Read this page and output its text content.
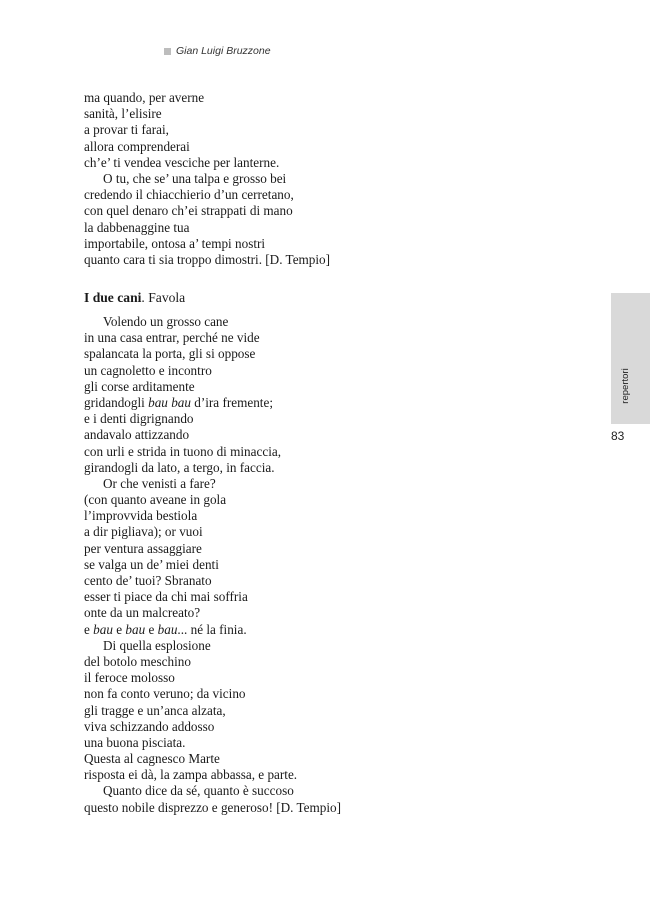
Gian Luigi Bruzzone
ma quando, per averne
sanità, l’elisire
a provar ti farai,
allora comprenderai
ch’e’ ti vendea vesciche per lanterne.
O tu, che se’ una talpa e grosso bei
credendo il chiacchierio d’un cerretano,
con quel denaro ch’ei strappati di mano
la dabbenaggine tua
importabile, ontosa a’ tempi nostri
quanto cara ti sia troppo dimostri. [D. Tempio]
I due cani. Favola
Volendo un grosso cane
in una casa entrar, perché ne vide
spalancata la porta, gli si oppose
un cagnoletto e incontro
gli corse arditamente
gridandogli bau bau d’ira fremente;
e i denti digrignando
andavalo attizzando
con urli e strida in tuono di minaccia,
girandogli da lato, a tergo, in faccia.
Or che venisti a fare?
(con quanto aveane in gola
l’improvvida bestiola
a dir pigliava); or vuoi
per ventura assaggiare
se valga un de’ miei denti
cento de’ tuoi? Sbranato
esser ti piace da chi mai soffria
onte da un malcreato?
e bau e bau e bau... né la finia.
Di quella esplosione
del botolo meschino
il feroce molosso
non fa conto veruno; da vicino
gli tragge e un’anca alzata,
viva schizzando addosso
una buona pisciata.
Questa al cagnesco Marte
risposta ei dà, la zampa abbassa, e parte.
Quanto dice da sé, quanto è succoso
questo nobile disprezzo e generoso! [D. Tempio]
repertori
83
